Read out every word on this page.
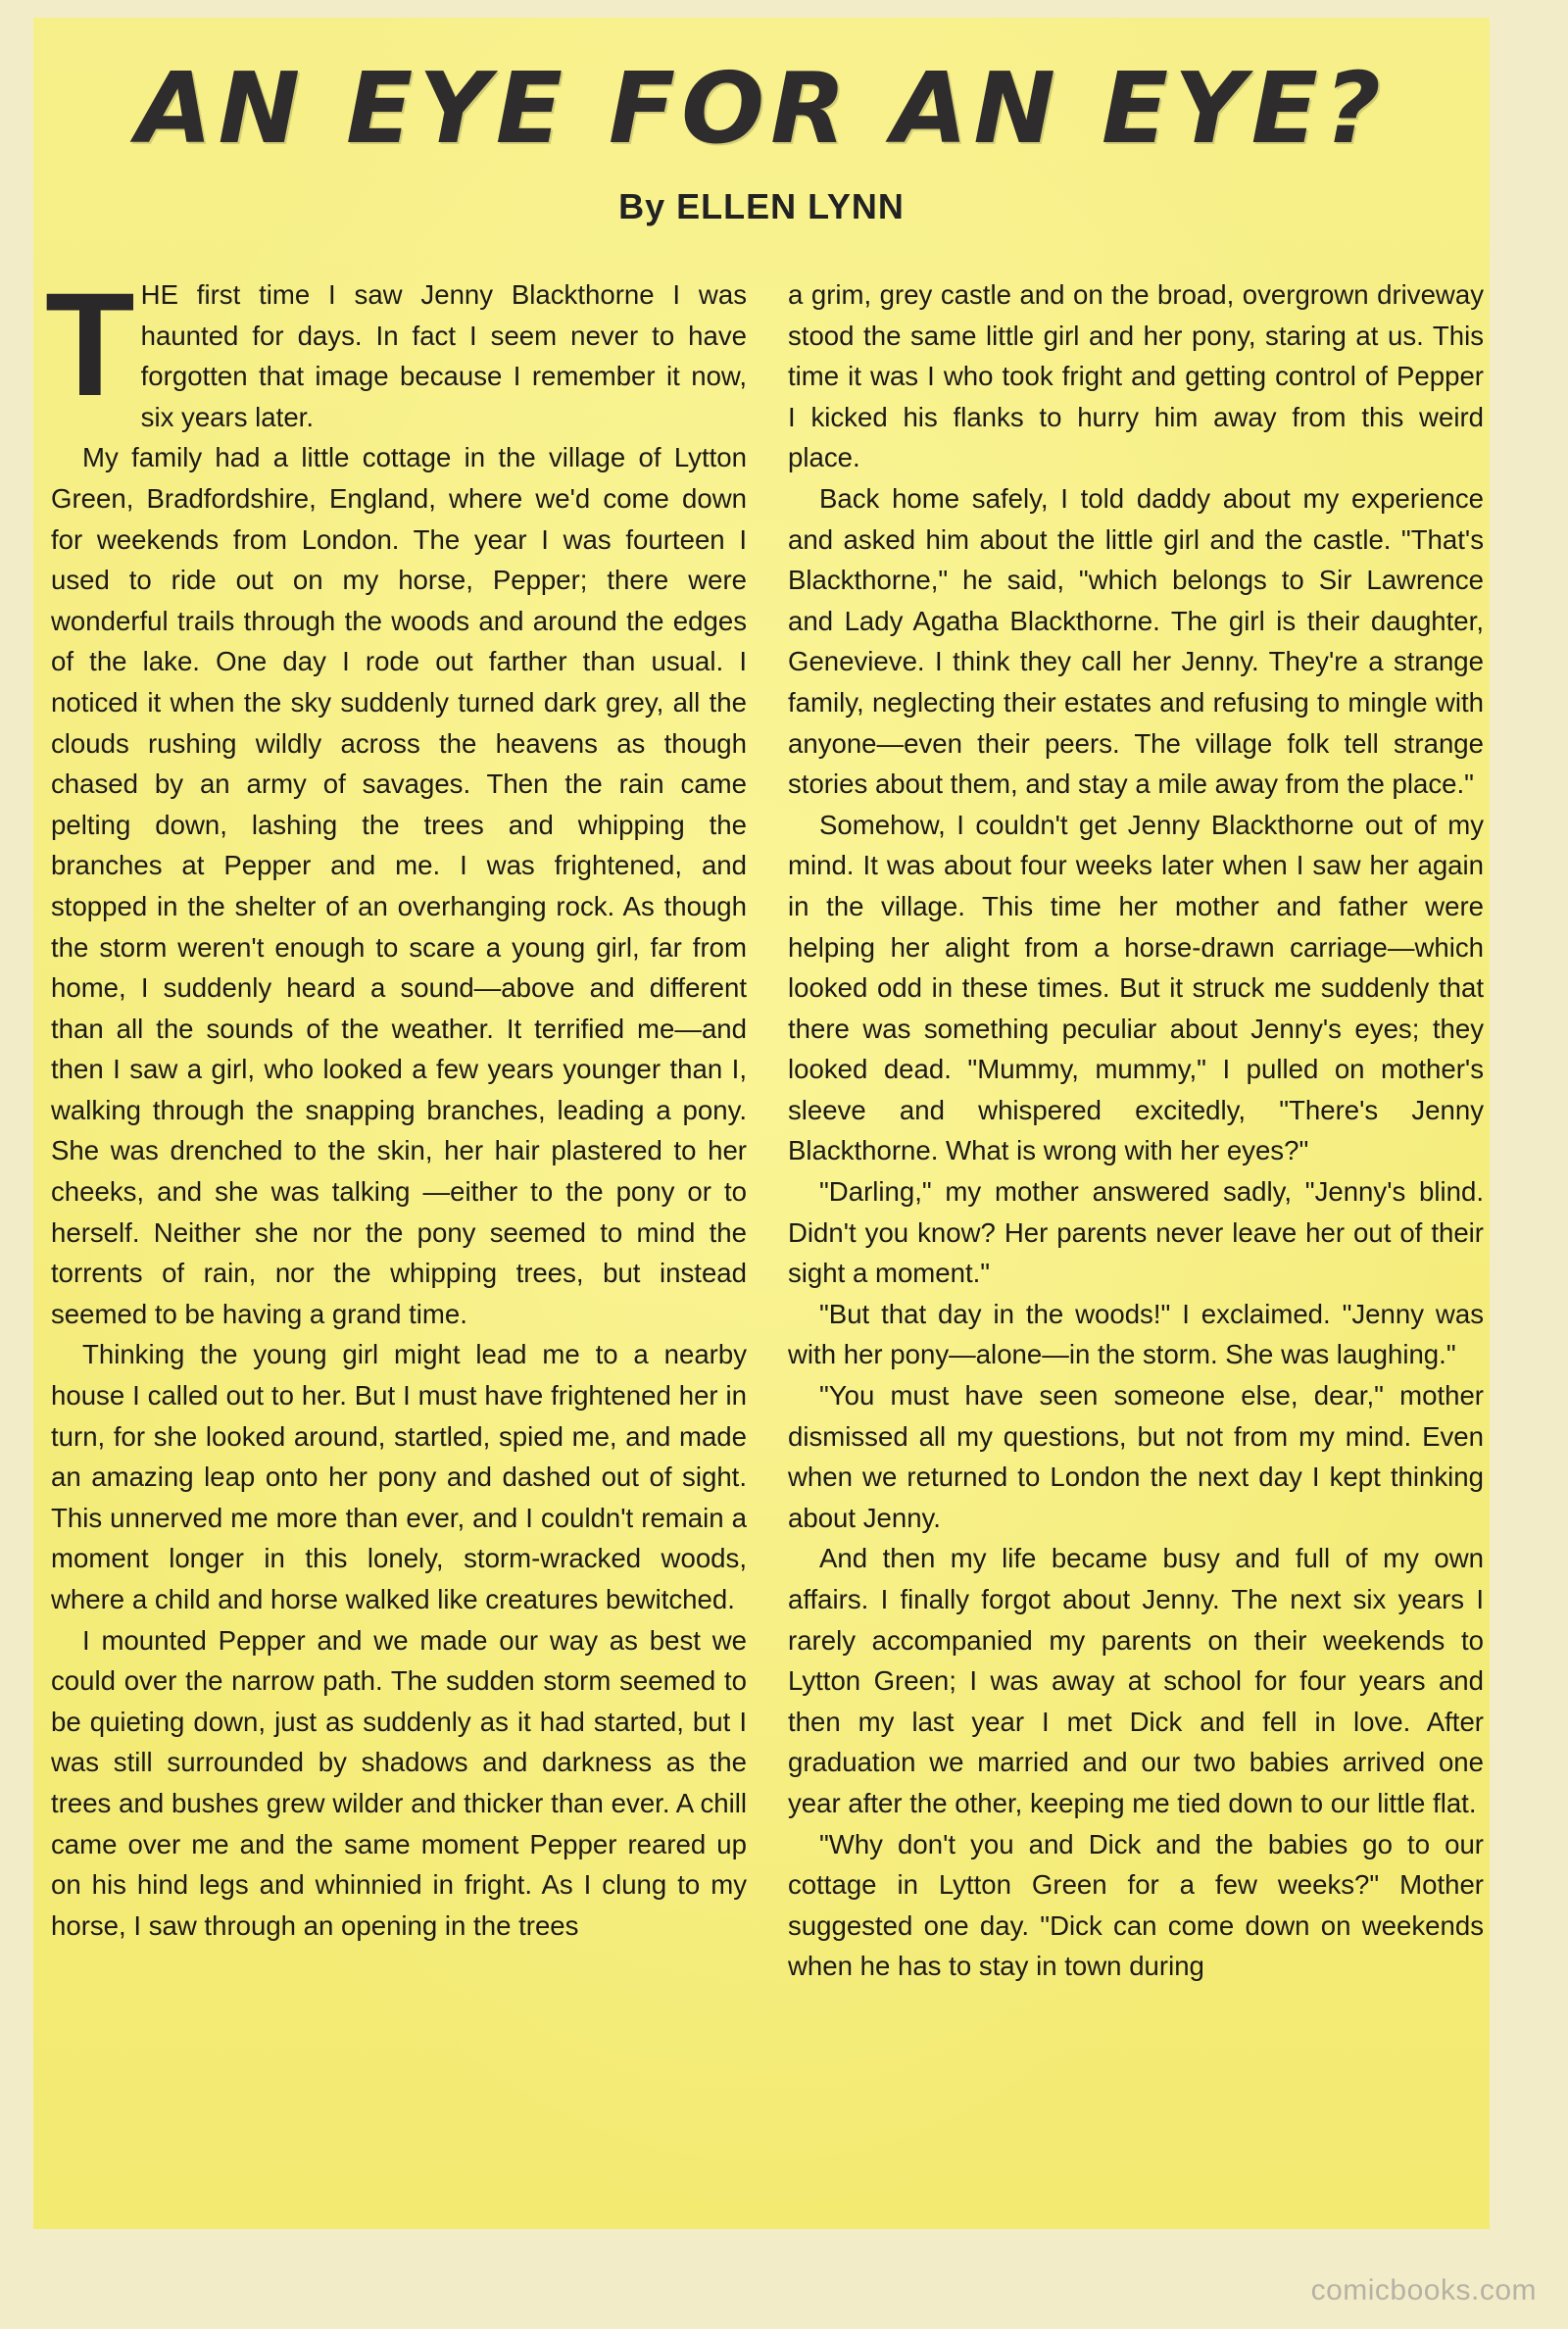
AN EYE FOR AN EYE?
By ELLEN LYNN

THE first time I saw Jenny Blackthorne I was haunted for days. In fact I seem never to have forgotten that image because I remember it now, six years later.

My family had a little cottage in the village of Lytton Green, Bradfordshire, England, where we'd come down for weekends from London. The year I was fourteen I used to ride out on my horse, Pepper; there were wonderful trails through the woods and around the edges of the lake. One day I rode out farther than usual. I noticed it when the sky suddenly turned dark grey, all the clouds rushing wildly across the heavens as though chased by an army of savages. Then the rain came pelting down, lashing the trees and whipping the branches at Pepper and me. I was frightened, and stopped in the shelter of an overhanging rock. As though the storm weren't enough to scare a young girl, far from home, I suddenly heard a sound—above and different than all the sounds of the weather. It terrified me—and then I saw a girl, who looked a few years younger than I, walking through the snapping branches, leading a pony. She was drenched to the skin, her hair plastered to her cheeks, and she was talking —either to the pony or to herself. Neither she nor the pony seemed to mind the torrents of rain, nor the whipping trees, but instead seemed to be having a grand time.

Thinking the young girl might lead me to a nearby house I called out to her. But I must have frightened her in turn, for she looked around, startled, spied me, and made an amazing leap onto her pony and dashed out of sight. This unnerved me more than ever, and I couldn't remain a moment longer in this lonely, storm-wracked woods, where a child and horse walked like creatures bewitched.

I mounted Pepper and we made our way as best we could over the narrow path. The sudden storm seemed to be quieting down, just as suddenly as it had started, but I was still surrounded by shadows and darkness as the trees and bushes grew wilder and thicker than ever. A chill came over me and the same moment Pepper reared up on his hind legs and whinnied in fright. As I clung to my horse, I saw through an opening in the trees

a grim, grey castle and on the broad, overgrown driveway stood the same little girl and her pony, staring at us. This time it was I who took fright and getting control of Pepper I kicked his flanks to hurry him away from this weird place.

Back home safely, I told daddy about my experience and asked him about the little girl and the castle. "That's Blackthorne," he said, "which belongs to Sir Lawrence and Lady Agatha Blackthorne. The girl is their daughter, Genevieve. I think they call her Jenny. They're a strange family, neglecting their estates and refusing to mingle with anyone—even their peers. The village folk tell strange stories about them, and stay a mile away from the place."

Somehow, I couldn't get Jenny Blackthorne out of my mind. It was about four weeks later when I saw her again in the village. This time her mother and father were helping her alight from a horse-drawn carriage—which looked odd in these times. But it struck me suddenly that there was something peculiar about Jenny's eyes; they looked dead. "Mummy, mummy," I pulled on mother's sleeve and whispered excitedly, "There's Jenny Blackthorne. What is wrong with her eyes?"

"Darling," my mother answered sadly, "Jenny's blind. Didn't you know? Her parents never leave her out of their sight a moment."

"But that day in the woods!" I exclaimed. "Jenny was with her pony—alone—in the storm. She was laughing."

"You must have seen someone else, dear," mother dismissed all my questions, but not from my mind. Even when we returned to London the next day I kept thinking about Jenny.

And then my life became busy and full of my own affairs. I finally forgot about Jenny. The next six years I rarely accompanied my parents on their weekends to Lytton Green; I was away at school for four years and then my last year I met Dick and fell in love. After graduation we married and our two babies arrived one year after the other, keeping me tied down to our little flat.

"Why don't you and Dick and the babies go to our cottage in Lytton Green for a few weeks?" Mother suggested one day. "Dick can come down on weekends when he has to stay in town during

comicbooks.com
